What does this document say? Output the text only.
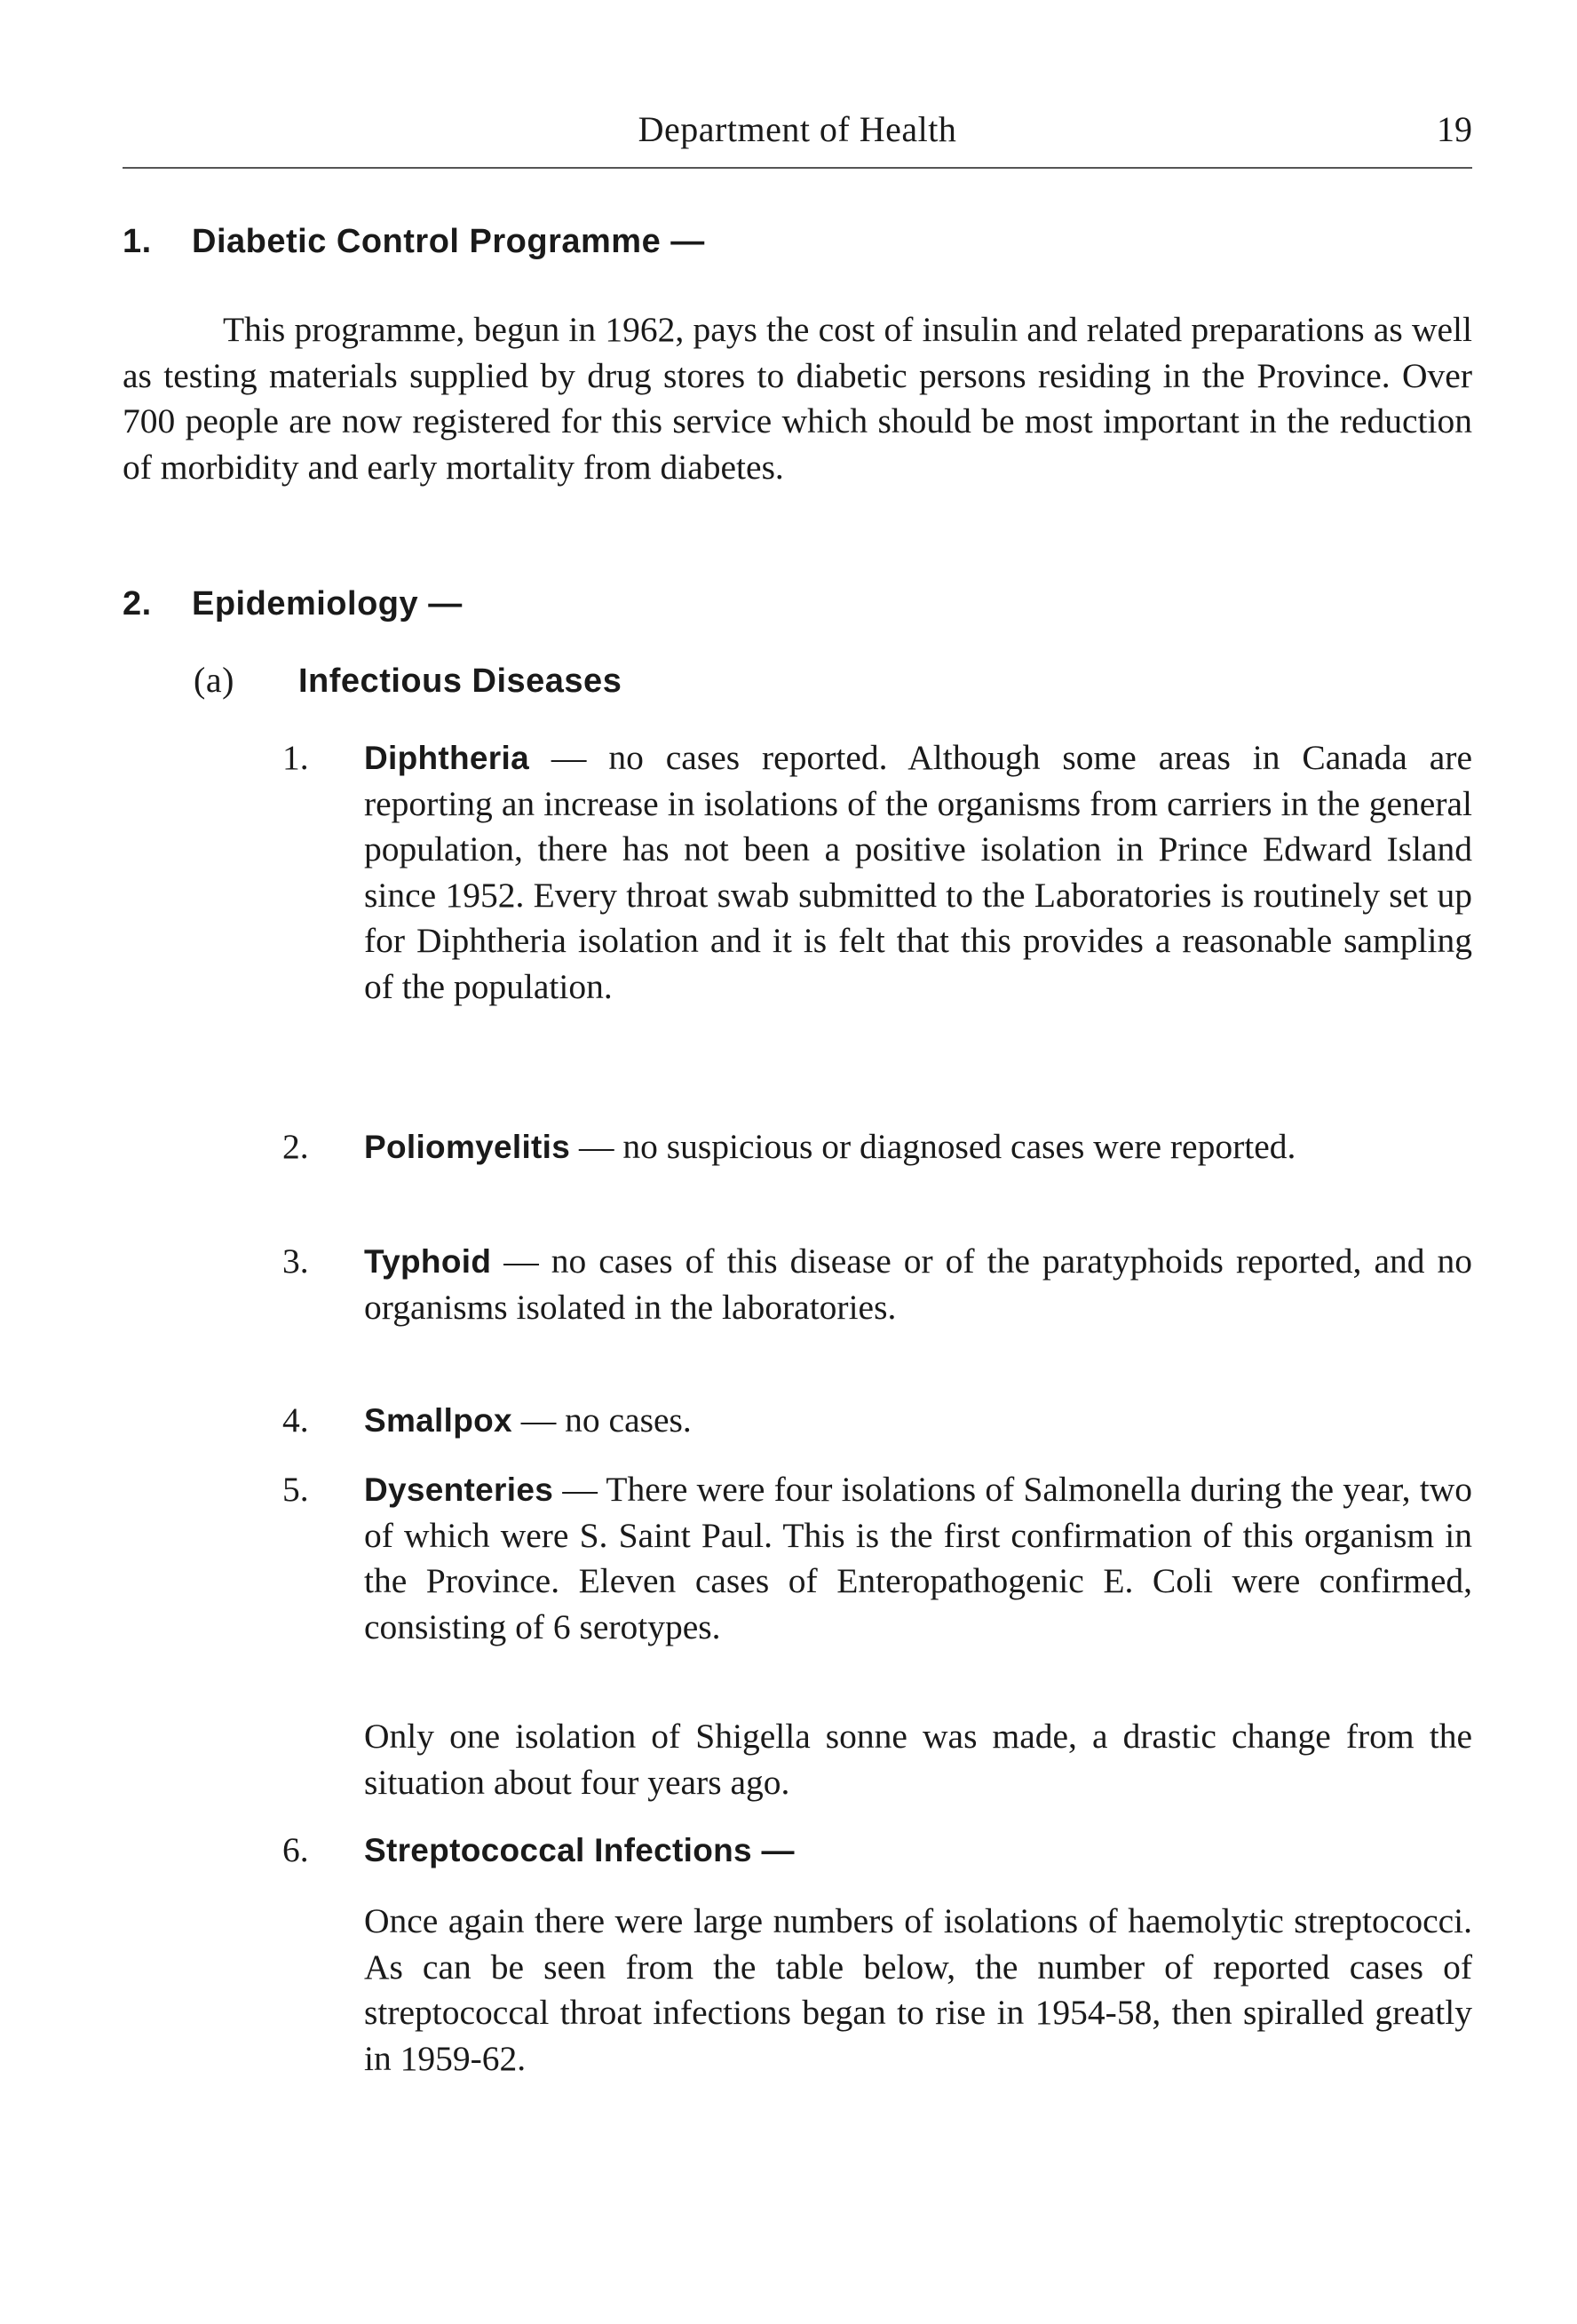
Department of Health	19
1. Diabetic Control Programme —

This programme, begun in 1962, pays the cost of insulin and related preparations as well as testing materials supplied by drug stores to diabetic persons residing in the Province. Over 700 people are now registered for this service which should be most important in the reduction of morbidity and early mortality from diabetes.

2. Epidemiology —
(a) Infectious Diseases
1.	Diphtheria — no cases reported. Although some areas in Canada are reporting an increase in isolations of the organisms from carriers in the general population, there has not been a positive isolation in Prince Edward Island since 1952. Every throat swab submitted to the Laboratories is routinely set up for Diphtheria isolation and it is felt that this provides a reasonable sampling of the population.

2.	Poliomyelitis — no suspicious or diagnosed cases were reported.

3.	Typhoid — no cases of this disease or of the paratyphoids reported, and no organisms isolated in the laboratories.

4.	Smallpox — no cases.

5.	Dysenteries — There were four isolations of Salmonella during the year, two of which were S. Saint Paul. This is the first confirmation of this organism in the Province. Eleven cases of Enteropathogenic E. Coli were confirmed, consisting of 6 serotypes.

Only one isolation of Shigella sonne was made, a drastic change from the situation about four years ago.

6.	Streptococcal Infections —

Once again there were large numbers of isolations of haemolytic streptococci. As can be seen from the table below, the number of reported cases of streptococcal throat infections began to rise in 1954-58, then spiralled greatly in 1959-62.
